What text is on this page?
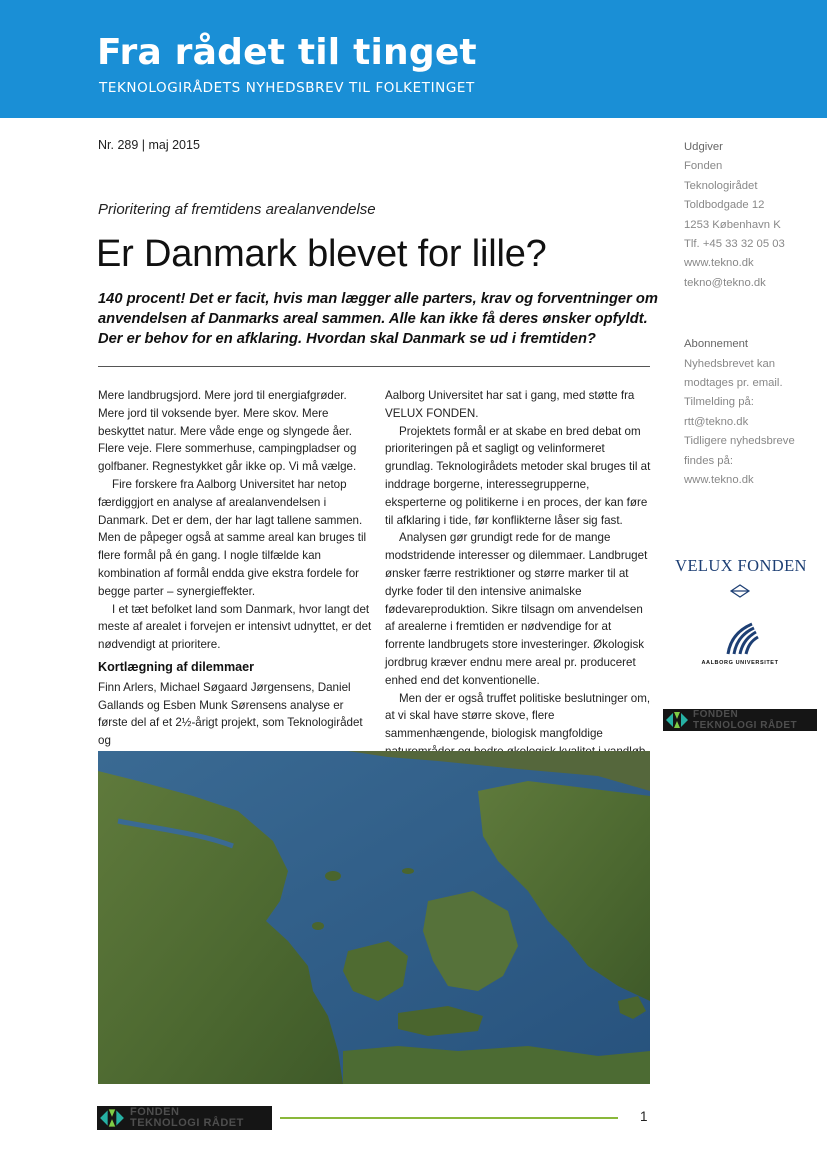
Fra rådet til tinget
TEKNOLOGIRÅDETS NYHEDSBREV TIL FOLKETINGET
Nr. 289 | maj 2015	Udgiver
Fonden
Teknologirådet
Toldbodgade 12
1253 København K
Tlf. +45 33 32 05 03
www.tekno.dk
tekno@tekno.dk
Abonnement
Nyhedsbrevet kan
modtages pr. email.
Tilmelding på:
rtt@tekno.dk
Tidligere nyhedsbreve
findes på:
www.tekno.dk
Prioritering af fremtidens arealanvendelse
Er Danmark blevet for lille?
140 procent! Det er facit, hvis man lægger alle parters, krav og forventninger om anvendelsen af Danmarks areal sammen. Alle kan ikke få deres ønsker opfyldt. Der er behov for en afklaring. Hvordan skal Danmark se ud i fremtiden?

Mere landbrugsjord. Mere jord til energiafgrøder. Mere jord til voksende byer. Mere skov. Mere beskyttet natur. Mere våde enge og slyngede åer. Flere veje. Flere sommerhuse, campingpladser og golfbaner. Regnestykket går ikke op. Vi må vælge.

Fire forskere fra Aalborg Universitet har netop færdiggjort en analyse af arealanvendelsen i Danmark. Det er dem, der har lagt tallene sammen. Men de påpeger også at samme areal kan bruges til flere formål på én gang. I nogle tilfælde kan kombination af formål endda give ekstra fordele for begge parter – synergieffekter.

I et tæt befolket land som Danmark, hvor langt det meste af arealet i forvejen er intensivt udnyttet, er det nødvendigt at prioritere.

Kortlægning af dilemmaer

Finn Arlers, Michael Søgaard Jørgensens, Daniel Gallands og Esben Munk Sørensens analyse er første del af et 2½-årigt projekt, som Teknologirådet og

Aalborg Universitet har sat i gang, med støtte fra VELUX FONDEN.

Projektets formål er at skabe en bred debat om prioriteringen på et sagligt og velinformeret grundlag. Teknologirådets metoder skal bruges til at inddrage borgerne, interessegrupperne, eksperterne og politikerne i en proces, der kan føre til afklaring i tide, før konflikterne låser sig fast.

Analysen gør grundigt rede for de mange modstridende interesser og dilemmaer. Landbruget ønsker færre restriktioner og større marker til at dyrke foder til den intensive animalske fødevareproduktion. Sikre tilsagn om anvendelsen af arealerne i fremtiden er nødvendige for at forrente landbrugets store investeringer. Økologisk jordbrug kræver endnu mere areal pr. produceret enhed end det konventionelle.

Men der er også truffet politiske beslutninger om, at vi skal have større skove, flere sammenhængende, biologisk mangfoldige

VELUX FONDEN
AALBORG UNIVERSITET
FONDEN
TEKNOLOGI RÅDET
FONDEN
TEKNOLOGI RÅDET	1
